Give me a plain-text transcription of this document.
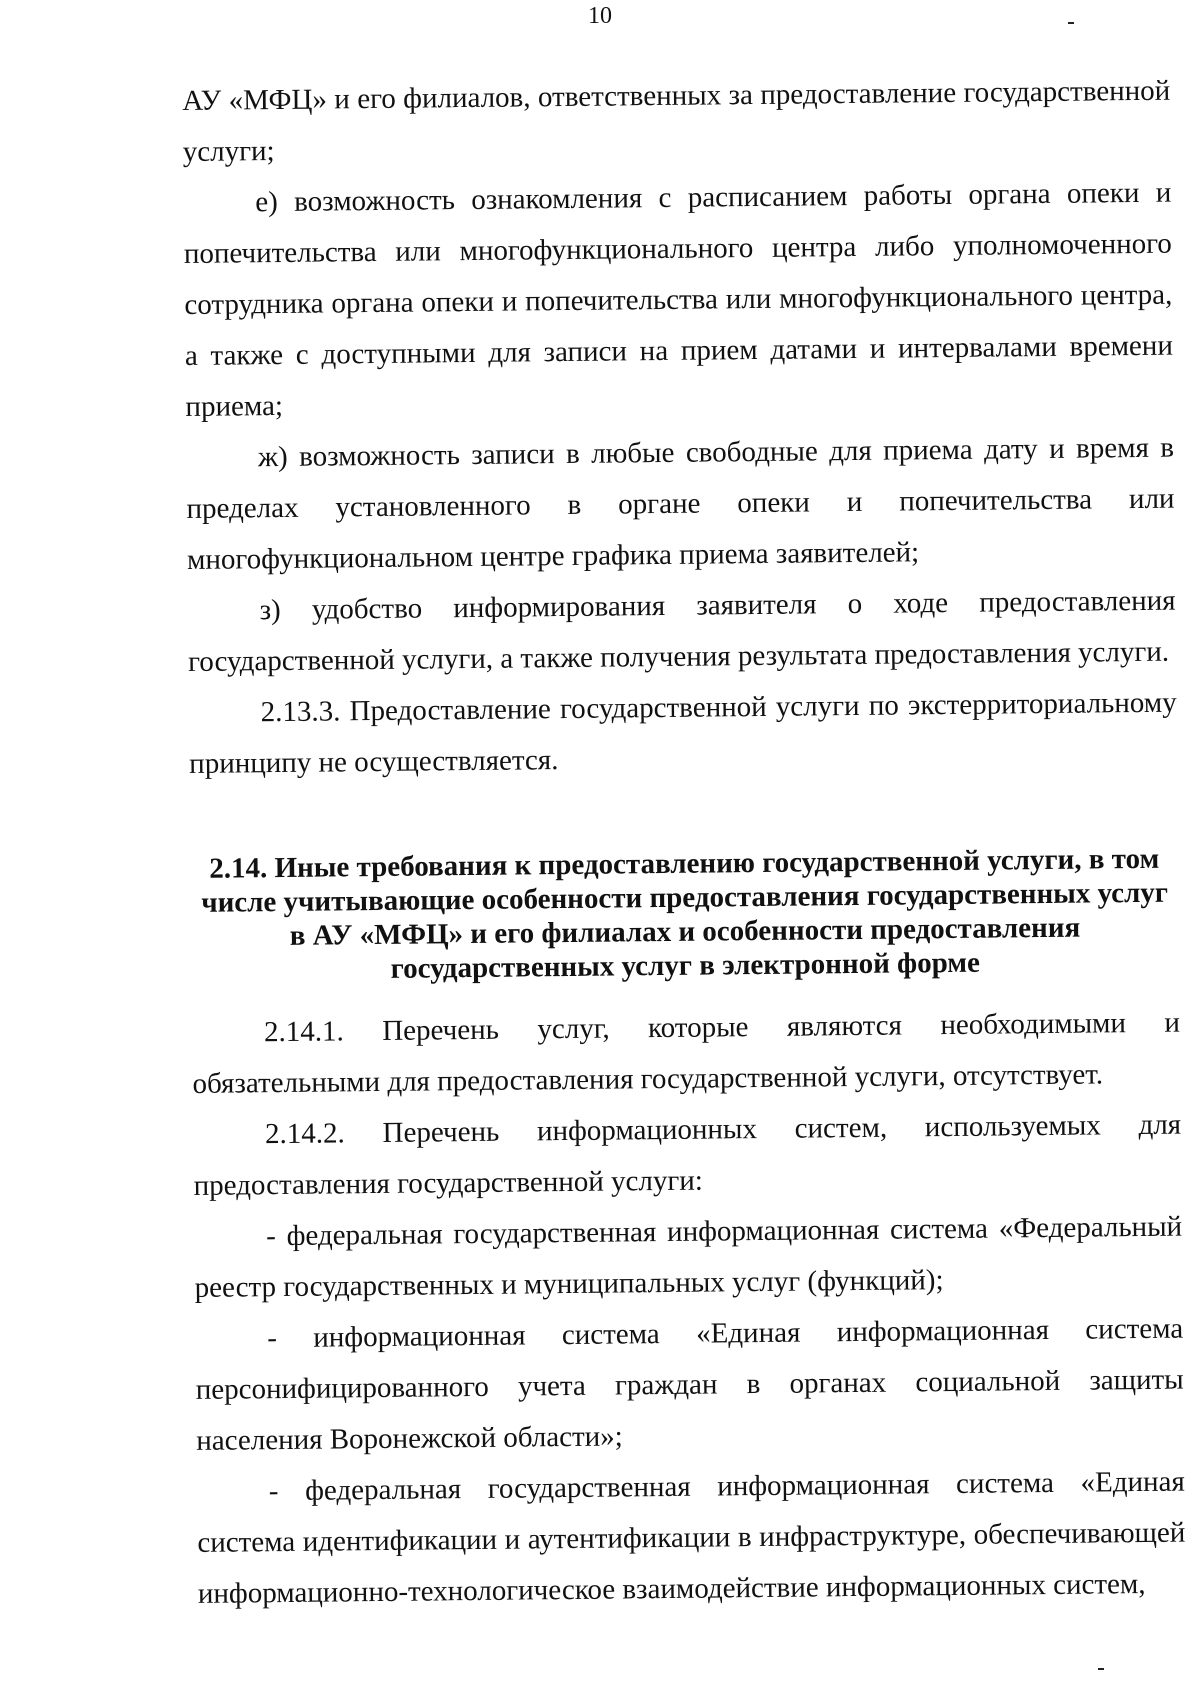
10

АУ «МФЦ» и его филиалов, ответственных за предоставление государственной услуги;

е) возможность ознакомления с расписанием работы органа опеки и попечительства или многофункционального центра либо уполномоченного сотрудника органа опеки и попечительства или многофункционального центра, а также с доступными для записи на прием датами и интервалами времени приема;

ж) возможность записи в любые свободные для приема дату и время в пределах установленного в органе опеки и попечительства или многофункциональном центре графика приема заявителей;

з) удобство информирования заявителя о ходе предоставления государственной услуги, а также получения результата предоставления услуги.

2.13.3. Предоставление государственной услуги по экстерриториальному принципу не осуществляется.

2.14. Иные требования к предоставлению государственной услуги, в том числе учитывающие особенности предоставления государственных услуг в АУ «МФЦ» и его филиалах и особенности предоставления государственных услуг в электронной форме

2.14.1. Перечень услуг, которые являются необходимыми и обязательными для предоставления государственной услуги, отсутствует.

2.14.2. Перечень информационных систем, используемых для предоставления государственной услуги:

- федеральная государственная информационная система «Федеральный реестр государственных и муниципальных услуг (функций);

- информационная система «Единая информационная система персонифицированного учета граждан в органах социальной защиты населения Воронежской области»;

- федеральная государственная информационная система «Единая система идентификации и аутентификации в инфраструктуре, обеспечивающей информационно-технологическое взаимодействие информационных систем,
